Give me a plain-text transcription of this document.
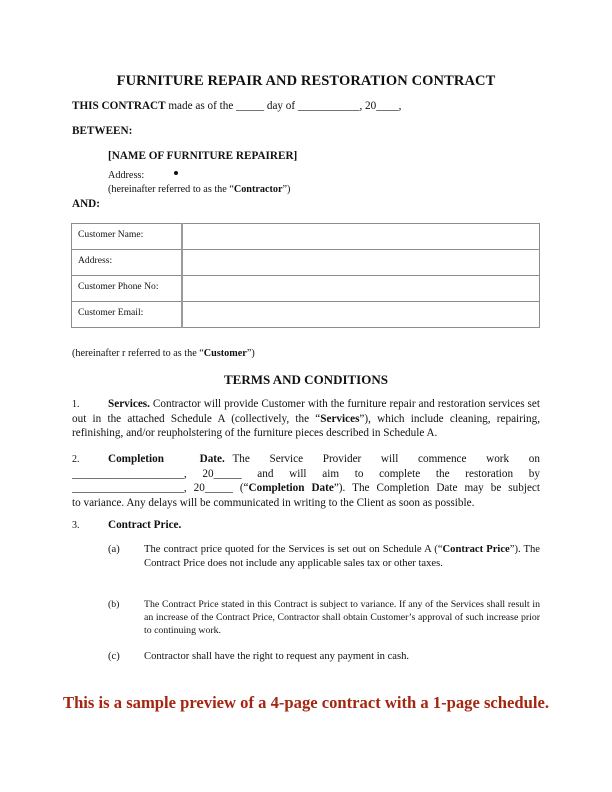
FURNITURE REPAIR AND RESTORATION CONTRACT
THIS CONTRACT made as of the _____ day of ___________, 20____,
BETWEEN:
[NAME OF FURNITURE REPAIRER]
Address:
(hereinafter referred to as the “Contractor”)
AND:
Customer Name:	
Address:	
Customer Phone No:	
Customer Email:	
(hereinafter r referred to as the “Customer”)
TERMS AND CONDITIONS
1.	Services. Contractor will provide Customer with the furniture repair and restoration services set
out in the attached Schedule A (collectively, the “Services”), which include cleaning, repairing,
refinishing, and/or reupholstering of the furniture pieces described in Schedule A.
2.	Completion Date. The Service Provider will commence work on
____________________, 20_____ and will aim to complete the restoration by
____________________, 20_____ (“Completion Date”). The Completion Date may be subject
to variance. Any delays will be communicated in writing to the Client as soon as possible.
3.	Contract Price.
(a)	The contract price quoted for the Services is set out on Schedule A (“Contract Price”). The Contract Price does not include any applicable sales tax or other taxes.
(b)	The Contract Price stated in this Contract is subject to variance. If any of the Services shall result in an increase of the Contract Price, Contractor shall obtain Customer’s approval of such increase prior to continuing work.
(c)	Contractor shall have the right to request any payment in cash.
This is a sample preview of a 4-page contract with a 1-page schedule.
